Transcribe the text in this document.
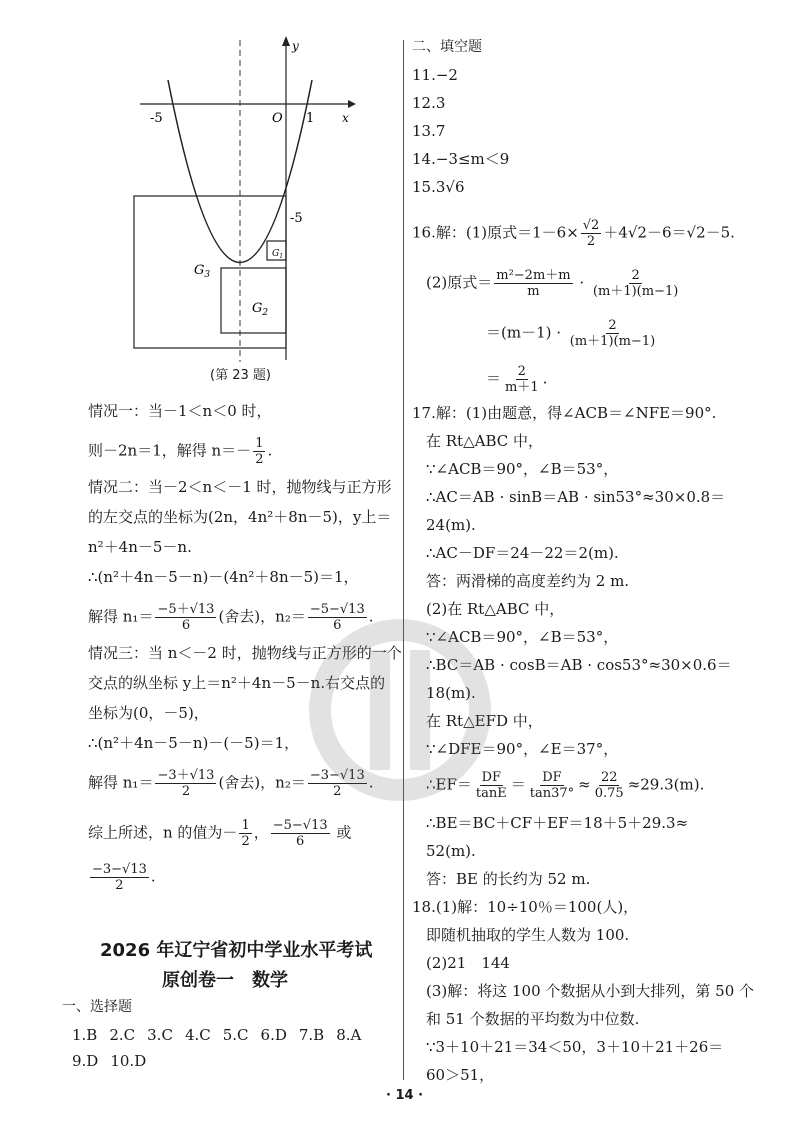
y
x
O
-5	1
-5
$G_1$
$G_2$
$G_3$
(第 23 题)
情况一：当－1＜n＜0 时，
则－2n＝1，解得 $n=- \frac{1}{2}$ .
情况二：当－2＜n＜－1 时，抛物线与正方形
的左交点的坐标为(2n，4n²＋8n－5)，y上＝
n²＋4n－5－n.
∴(n²＋4n－5－n)－(4n²＋8n－5)＝1，
解得 $n_1= \frac{-5+√13}{6}$ (舍去)，$n_2= \frac{-5-√13}{6}$ .
情况三：当 n＜－2 时，抛物线与正方形的一个
交点的纵坐标 y上＝n²＋4n－5－n.右交点的
坐标为(0，－5)，
∴(n²＋4n－5－n)－(－5)＝1，
解得 $n_1= \frac{-3+√13}{2}$ (舍去)，$n_2= \frac{-3-√13}{2}$ .
综上所述，n 的值为－ $\frac{1}{2}$ ， $\frac{-5-√13}{6}$ 或
$\frac{-3-√13}{2}$ .
2026 年辽宁省初中学业水平考试
原创卷一　数学
一、选择题
1.B 2.C 3.C 4.C 5.C 6.D 7.B 8.A
9.D 10.D
二、填空题
11.−2
12.3
13.7
14.−3≤m＜9
15.3√6
16.解：(1)原式$=1-6\times \frac{√2}{2} +4√2-6=√2-5$.
(2)原式＝ $\frac{\text{m²−2m＋m}}{m} \cdot \frac{2}{(m+1)(m-1)}$
$=(m-1) \cdot \frac{2}{(m+1)(m-1)}$
＝ $\frac{2}{m+1}$ .
17.解：(1)由题意，得∠ACB＝∠NFE＝90°.
在 Rt△ABC 中，
∵∠ACB＝90°，∠B＝53°，
∴AC＝AB · sinB＝AB · sin53°≈30×0.8＝
24(m).
∴AC－DF＝24－22＝2(m).
答：两滑梯的高度差约为 2 m.
(2)在 Rt△ABC 中，
∵∠ACB＝90°，∠B＝53°，
∴BC＝AB · cosB＝AB · cos53°≈30×0.6＝
18(m).
在 Rt△EFD 中，
∵∠DFE＝90°，∠E＝37°，
∴EF＝ $\frac{DF}{\tan E} = \frac{DF}{\tan 37^\circ} \approx \frac{22}{0.75} \approx 29.3(m)$.
∴BE＝BC＋CF＋EF＝18＋5＋29.3≈
52(m).
答：BE 的长约为 52 m.
18.(1)解：10÷10％＝100(人)，
即随机抽取的学生人数为 100.
(2)21　144
(3)解：将这 100 个数据从小到大排列，第 50 个
和 51 个数据的平均数为中位数.
∵3＋10＋21＝34＜50，3＋10＋21＋26＝
60＞51，
· 14 ·
